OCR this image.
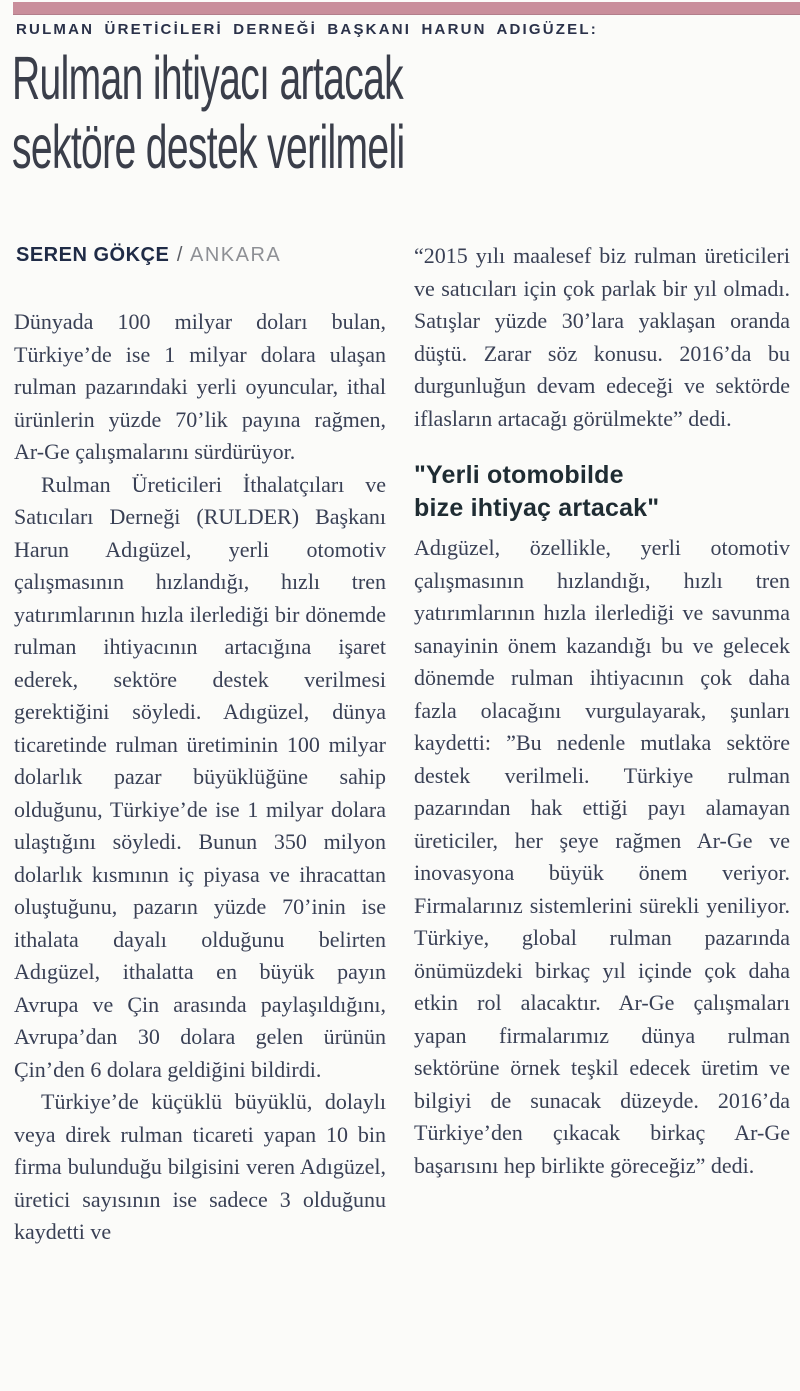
RULMAN ÜRETİCİLERİ DERNEĞİ BAŞKANI HARUN ADIGÜZEL:
Rulman ihtiyacı artacak
sektöre destek verilmeli
SEREN GÖKÇE / ANKARA

Dünyada 100 milyar doları bulan, Türkiye’de ise 1 milyar dolara ulaşan rulman pazarındaki yerli oyuncular, ithal ürünlerin yüzde 70’lik payına rağmen, Ar-Ge çalışmalarını sürdürüyor.

Rulman Üreticileri İthalatçıları ve Satıcıları Derneği (RULDER) Başkanı Harun Adıgüzel, yerli otomotiv çalışmasının hızlandığı, hızlı tren yatırımlarının hızla ilerlediği bir dönemde rulman ihtiyacının artacığına işaret ederek, sektöre destek verilmesi gerektiğini söyledi. Adıgüzel, dünya ticaretinde rulman üretiminin 100 milyar dolarlık pazar büyüklüğüne sahip olduğunu, Türkiye’de ise 1 milyar dolara ulaştığını söyledi. Bunun 350 milyon dolarlık kısmının iç piyasa ve ihracattan oluştuğunu, pazarın yüzde 70’inin ise ithalata dayalı olduğunu belirten Adıgüzel, ithalatta en büyük payın Avrupa ve Çin arasında paylaşıldığını, Avrupa’dan 30 dolara gelen ürünün Çin’den 6 dolara geldiğini bildirdi.

Türkiye’de küçüklü büyüklü, dolaylı veya direk rulman ticareti yapan 10 bin firma bulunduğu bilgisini veren Adıgüzel, üretici sayısının ise sadece 3 olduğunu kaydetti ve

“2015 yılı maalesef biz rulman üreticileri ve satıcıları için çok parlak bir yıl olmadı. Satışlar yüzde 30’lara yaklaşan oranda düştü. Zarar söz konusu. 2016’da bu durgunluğun devam edeceği ve sektörde iflasların artacağı görülmekte” dedi.

"Yerli otomobilde
bize ihtiyaç artacak"

Adıgüzel, özellikle, yerli otomotiv çalışmasının hızlandığı, hızlı tren yatırımlarının hızla ilerlediği ve savunma sanayinin önem kazandığı bu ve gelecek dönemde rulman ihtiyacının çok daha fazla olacağını vurgulayarak, şunları kaydetti: ”Bu nedenle mutlaka sektöre destek verilmeli. Türkiye rulman pazarından hak ettiği payı alamayan üreticiler, her şeye rağmen Ar-Ge ve inovasyona büyük önem veriyor. Firmalarınız sistemlerini sürekli yeniliyor. Türkiye, global rulman pazarında önümüzdeki birkaç yıl içinde çok daha etkin rol alacaktır. Ar-Ge çalışmaları yapan firmalarımız dünya rulman sektörüne örnek teşkil edecek üretim ve bilgiyi de sunacak düzeyde. 2016’da Türkiye’den çıkacak birkaç Ar-Ge başarısını hep birlikte göreceğiz” dedi.
